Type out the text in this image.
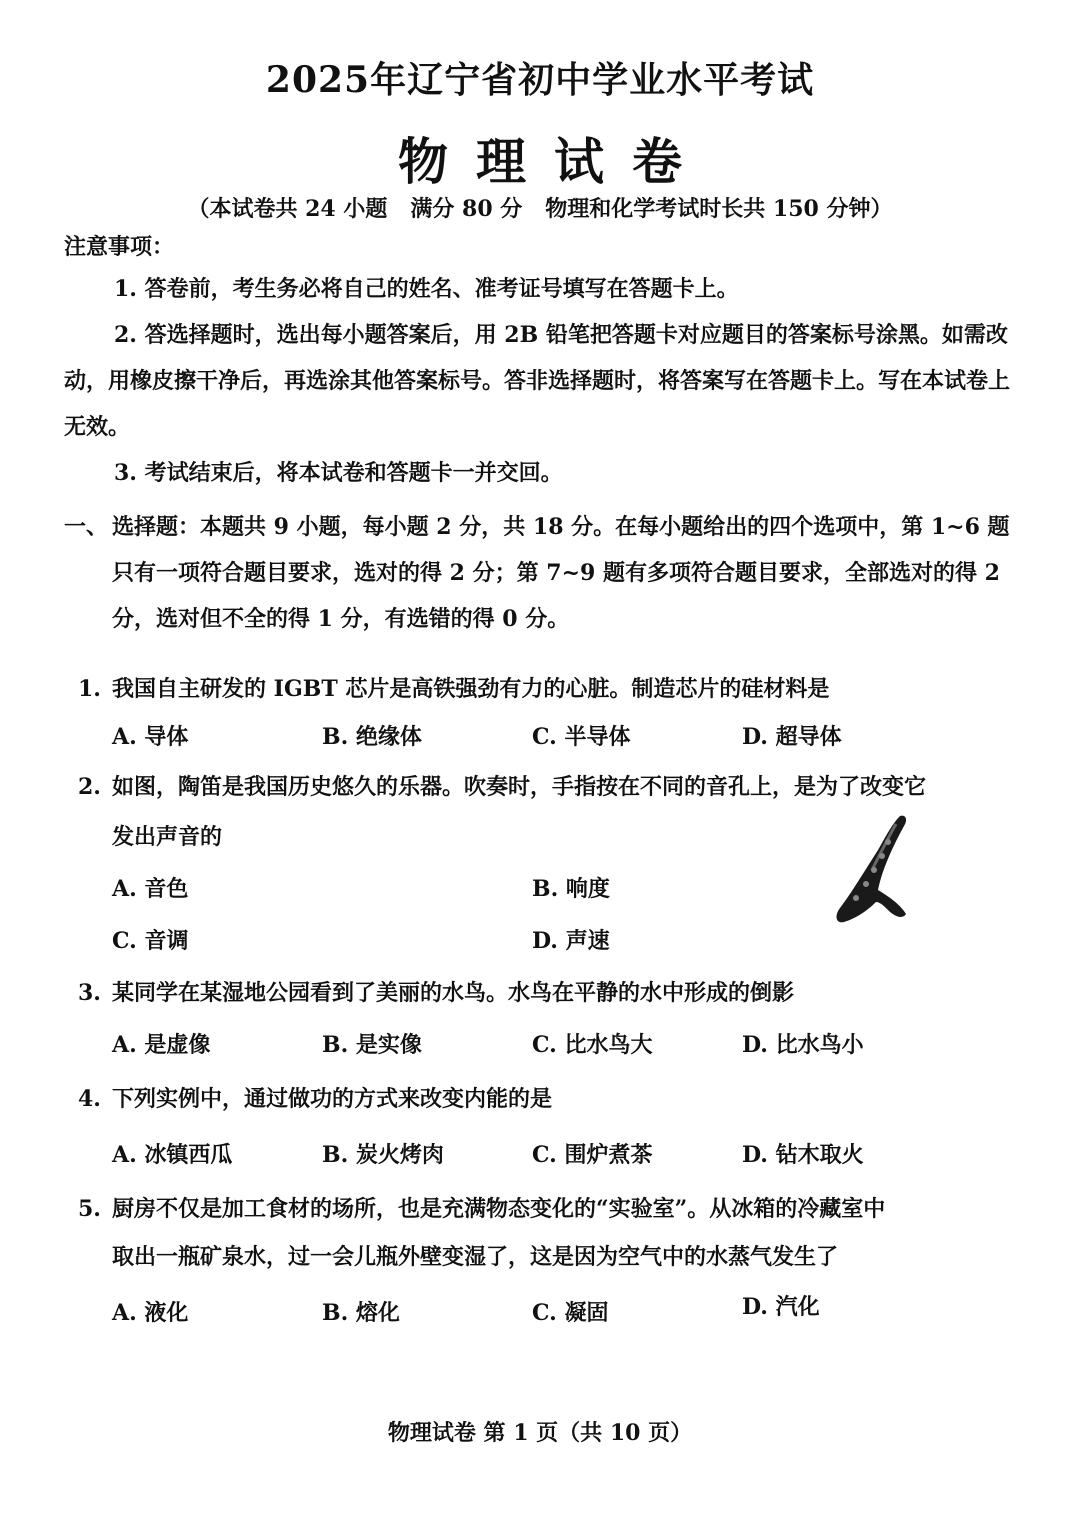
2025年辽宁省初中学业水平考试
物理试卷
（本试卷共 24 小题   满分 80 分   物理和化学考试时长共 150 分钟）
注意事项：
1. 答卷前，考生务必将自己的姓名、准考证号填写在答题卡上。
2. 答选择题时，选出每小题答案后，用 2B 铅笔把答题卡对应题目的答案标号涂黑。如需改动，用橡皮擦干净后，再选涂其他答案标号。答非选择题时，将答案写在答题卡上。写在本试卷上无效。
3. 考试结束后，将本试卷和答题卡一并交回。
一、 选择题：本题共 9 小题，每小题 2 分，共 18 分。在每小题给出的四个选项中，第 1~6 题只有一项符合题目要求，选对的得 2 分；第 7~9 题有多项符合题目要求，全部选对的得 2 分，选对但不全的得 1 分，有选错的得 0 分。
1. 我国自主研发的 IGBT 芯片是高铁强劲有力的心脏。制造芯片的硅材料是
A. 导体	B. 绝缘体	C. 半导体	D. 超导体
2. 如图，陶笛是我国历史悠久的乐器。吹奏时，手指按在不同的音孔上，是为了改变它
发出声音的
A. 音色	B. 响度
C. 音调	D. 声速
3. 某同学在某湿地公园看到了美丽的水鸟。水鸟在平静的水中形成的倒影
A. 是虚像	B. 是实像	C. 比水鸟大	D. 比水鸟小
4. 下列实例中，通过做功的方式来改变内能的是
A. 冰镇西瓜	B. 炭火烤肉	C. 围炉煮茶	D. 钻木取火
5. 厨房不仅是加工食材的场所，也是充满物态变化的“实验室”。从冰箱的冷藏室中
取出一瓶矿泉水，过一会儿瓶外壁变湿了，这是因为空气中的水蒸气发生了
A. 液化	B. 熔化	C. 凝固	D. 汽化
物理试卷 第 1 页（共 10 页）
